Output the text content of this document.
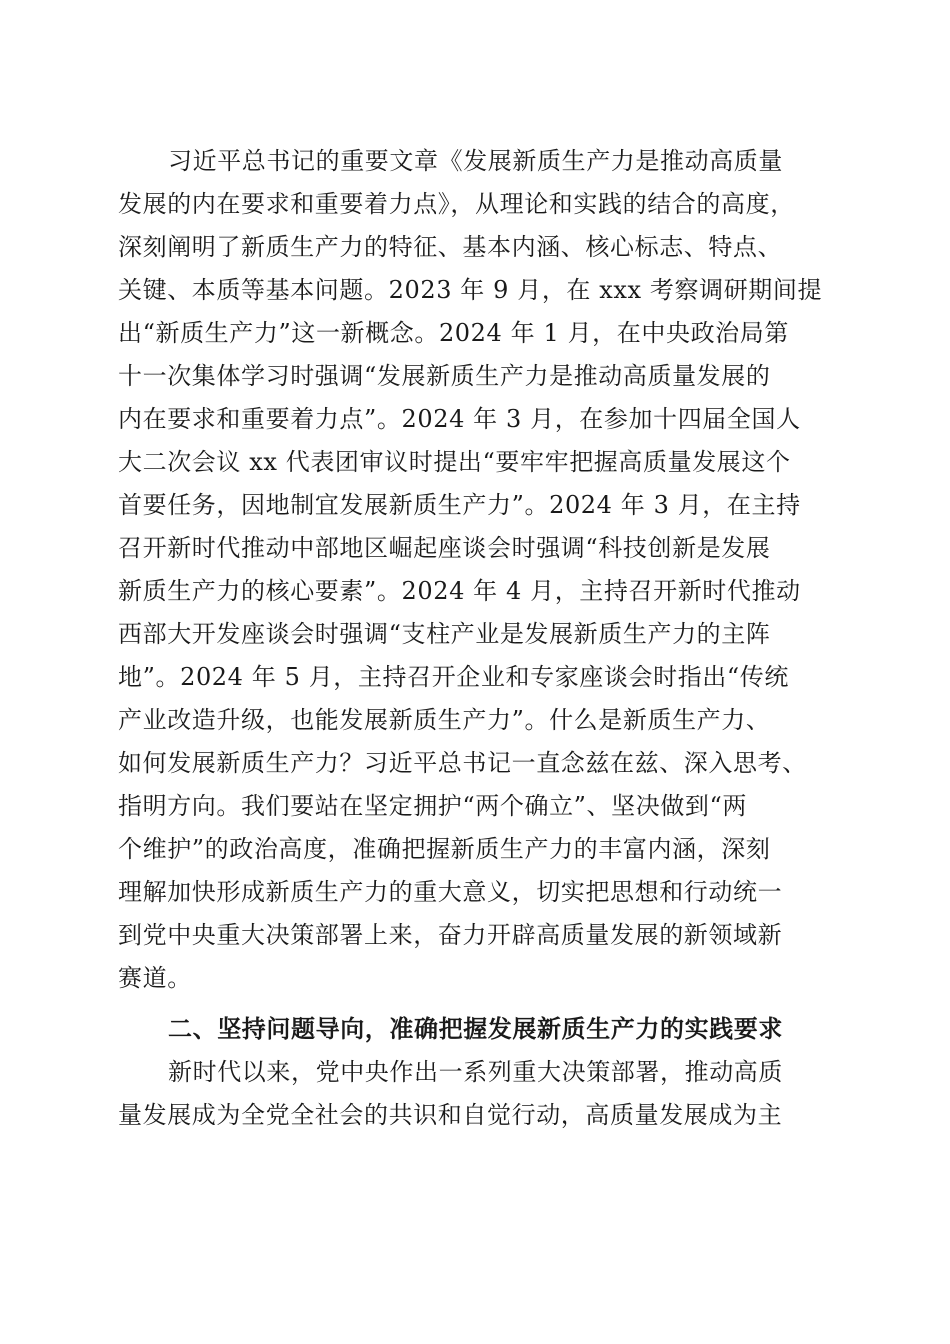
习近平总书记的重要文章《发展新质生产力是推动高质量
发展的内在要求和重要着力点》，从理论和实践的结合的高度，
深刻阐明了新质生产力的特征、基本内涵、核心标志、特点、
关键、本质等基本问题。2023 年 9 月，在 xxx 考察调研期间提
出“新质生产力”这一新概念。2024 年 1 月，在中央政治局第
十一次集体学习时强调“发展新质生产力是推动高质量发展的
内在要求和重要着力点”。2024 年 3 月，在参加十四届全国人
大二次会议 xx 代表团审议时提出“要牢牢把握高质量发展这个
首要任务，因地制宜发展新质生产力”。2024 年 3 月，在主持
召开新时代推动中部地区崛起座谈会时强调“科技创新是发展
新质生产力的核心要素”。2024 年 4 月，主持召开新时代推动
西部大开发座谈会时强调“支柱产业是发展新质生产力的主阵
地”。2024 年 5 月，主持召开企业和专家座谈会时指出“传统
产业改造升级，也能发展新质生产力”。什么是新质生产力、
如何发展新质生产力？习近平总书记一直念兹在兹、深入思考、
指明方向。我们要站在坚定拥护“两个确立”、坚决做到“两
个维护”的政治高度，准确把握新质生产力的丰富内涵，深刻
理解加快形成新质生产力的重大意义，切实把思想和行动统一
到党中央重大决策部署上来，奋力开辟高质量发展的新领域新
赛道。
二、坚持问题导向，准确把握发展新质生产力的实践要求
新时代以来，党中央作出一系列重大决策部署，推动高质
量发展成为全党全社会的共识和自觉行动，高质量发展成为主
